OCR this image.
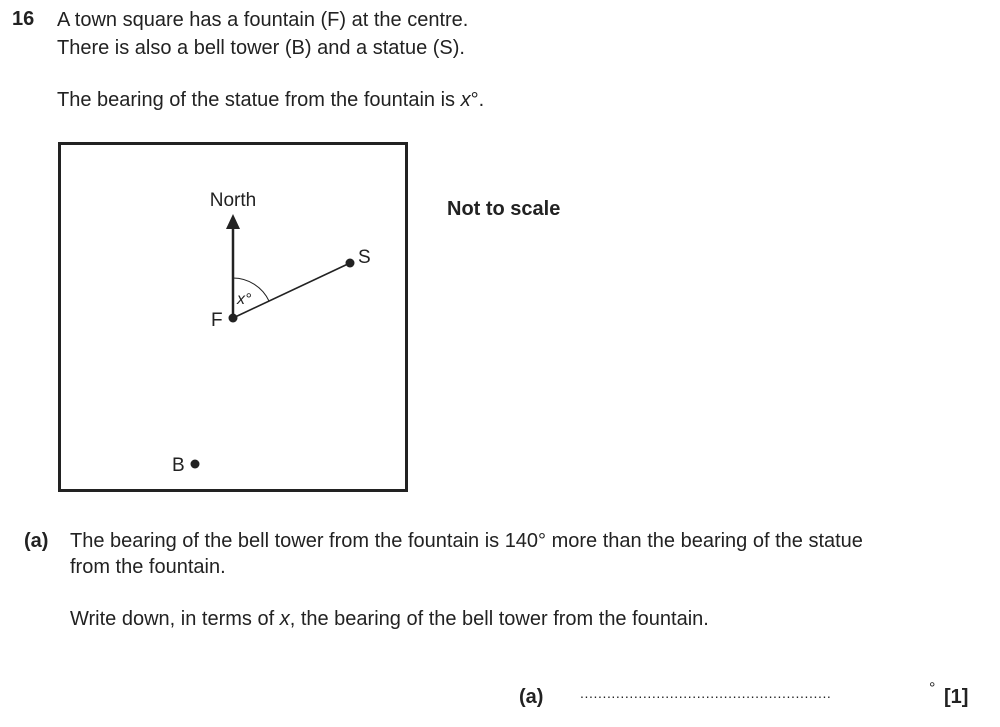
16 A town square has a fountain (F) at the centre.
There is also a bell tower (B) and a statue (S).
The bearing of the statue from the fountain is x°.
North
x°
F
S
B
Not to scale
(a) The bearing of the bell tower from the fountain is 140° more than the bearing of the statue
from the fountain.
Write down, in terms of x, the bearing of the bell tower from the fountain.
(a)	........................................................	° [1]
